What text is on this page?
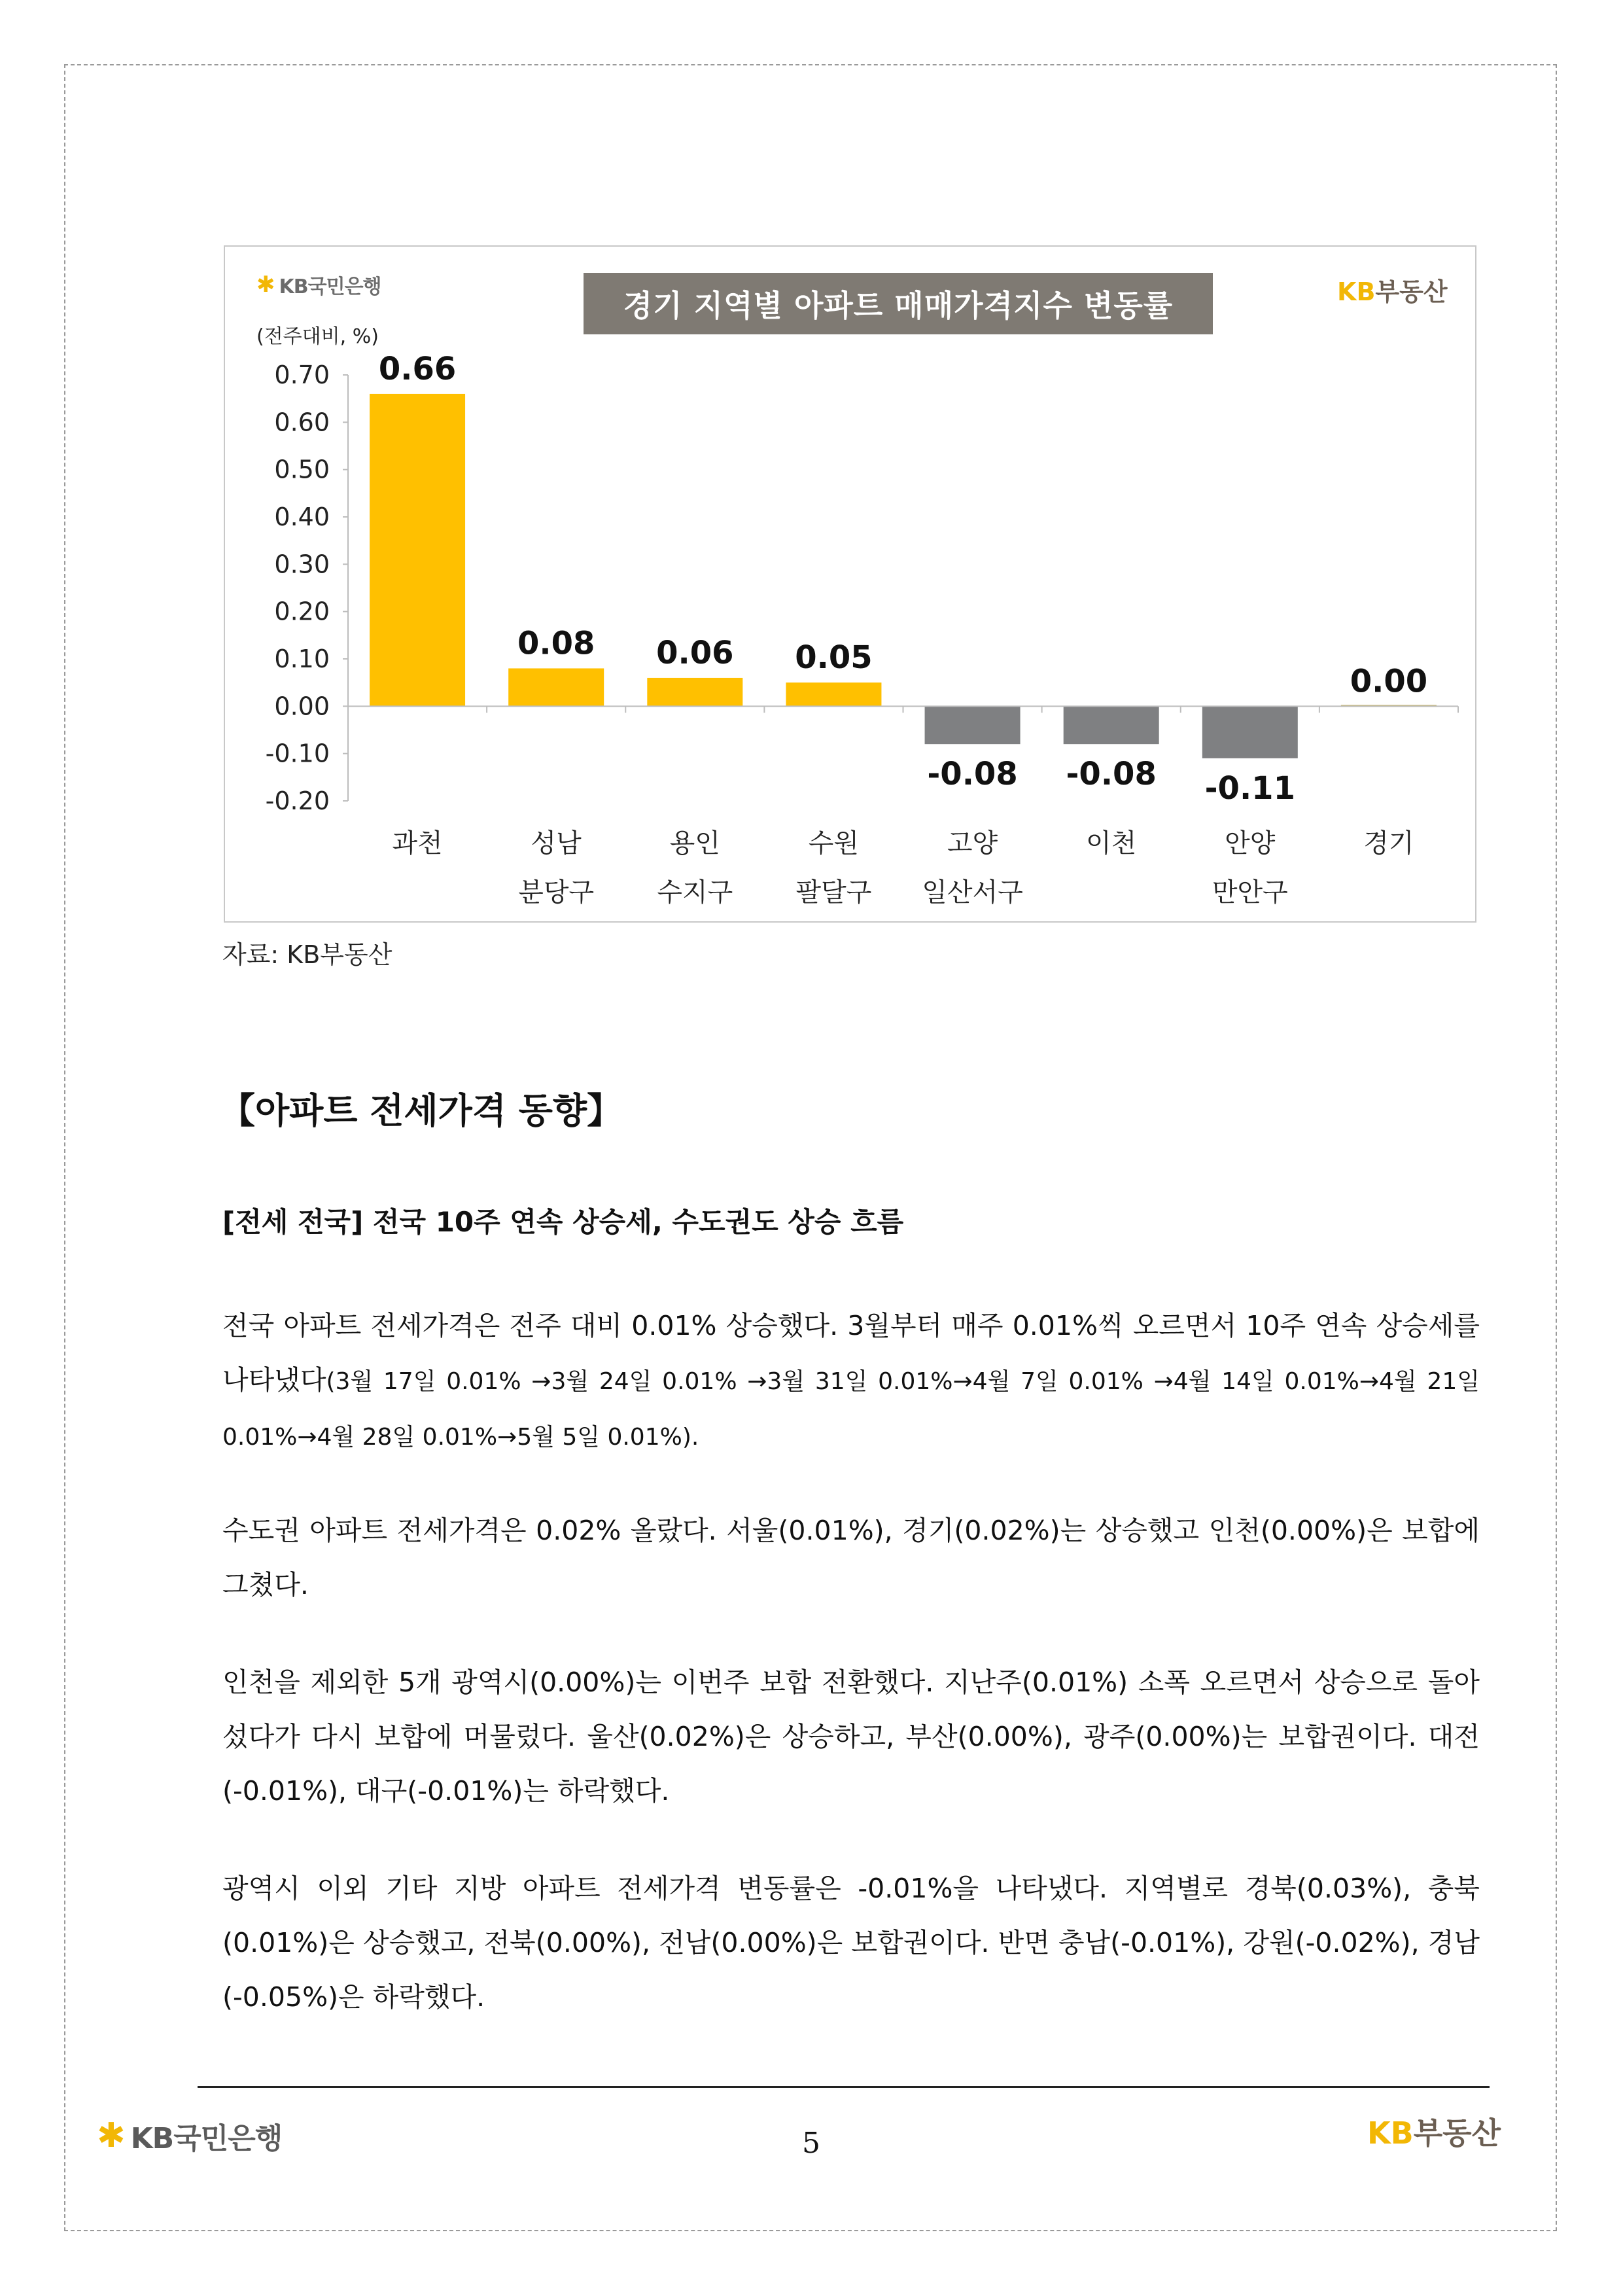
✱ KB국민은행
경기 지역별 아파트 매매가격지수 변동률	KB부동산
(전주대비, %)
0.70
0.60
0.50
0.40
0.30
0.20
0.10
0.00
-0.10
-0.20
0.66
과천
0.08
성남
분당구
0.06
용인
수지구
0.05
수원
팔달구
-0.08
고양
일산서구
-0.08
이천
-0.11
안양
만안구
0.00
경기
자료: KB부동산
【아파트 전세가격 동향】
[전세 전국] 전국 10주 연속 상승세, 수도권도 상승 흐름
전국 아파트 전세가격은 전주 대비 0.01% 상승했다. 3월부터 매주 0.01%씩 오르면서 10주 연속 상승세를 나타냈다(3월 17일 0.01% →3월 24일 0.01% →3월 31일 0.01%→4월 7일 0.01% →4월 14일 0.01%→4월 21일 0.01%→4월 28일 0.01%→5월 5일 0.01%).
수도권 아파트 전세가격은 0.02% 올랐다. 서울(0.01%), 경기(0.02%)는 상승했고 인천(0.00%)은 보합에 그쳤다.
인천을 제외한 5개 광역시(0.00%)는 이번주 보합 전환했다. 지난주(0.01%) 소폭 오르면서 상승으로 돌아섰다가 다시 보합에 머물렀다. 울산(0.02%)은 상승하고, 부산(0.00%), 광주(0.00%)는 보합권이다. 대전(-0.01%), 대구(-0.01%)는 하락했다.
광역시 이외 기타 지방 아파트 전세가격 변동률은 -0.01%을 나타냈다. 지역별로 경북(0.03%), 충북(0.01%)은 상승했고, 전북(0.00%), 전남(0.00%)은 보합권이다. 반면 충남(-0.01%), 강원(-0.02%), 경남(-0.05%)은 하락했다.
✱ KB국민은행	5	KB부동산
